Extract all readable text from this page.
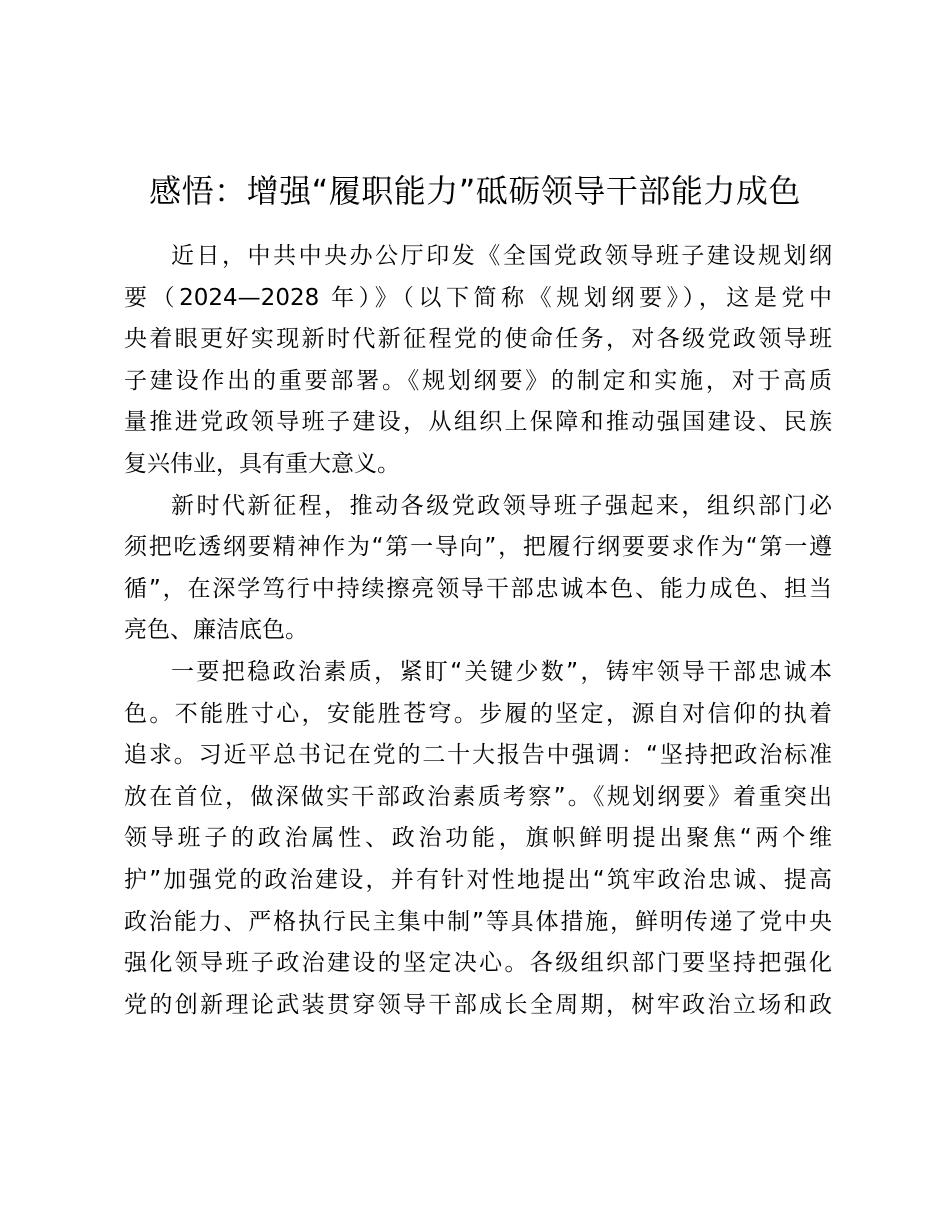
感悟：增强“履职能力”砥砺领导干部能力成色
近日，中共中央办公厅印发《全国党政领导班子建设规划纲
要（2024—2028 年）》（以下简称《规划纲要》），这是党中
央着眼更好实现新时代新征程党的使命任务，对各级党政领导班
子建设作出的重要部署。《规划纲要》的制定和实施，对于高质
量推进党政领导班子建设，从组织上保障和推动强国建设、民族
复兴伟业，具有重大意义。
新时代新征程，推动各级党政领导班子强起来，组织部门必
须把吃透纲要精神作为“第一导向”，把履行纲要要求作为“第一遵
循”，在深学笃行中持续擦亮领导干部忠诚本色、能力成色、担当
亮色、廉洁底色。
一要把稳政治素质，紧盯“关键少数”，铸牢领导干部忠诚本
色。不能胜寸心，安能胜苍穹。步履的坚定，源自对信仰的执着
追求。习近平总书记在党的二十大报告中强调：“坚持把政治标准
放在首位，做深做实干部政治素质考察”。《规划纲要》着重突出
领导班子的政治属性、政治功能，旗帜鲜明提出聚焦“两个维
护”加强党的政治建设，并有针对性地提出“筑牢政治忠诚、提高
政治能力、严格执行民主集中制”等具体措施，鲜明传递了党中央
强化领导班子政治建设的坚定决心。各级组织部门要坚持把强化
党的创新理论武装贯穿领导干部成长全周期，树牢政治立场和政
